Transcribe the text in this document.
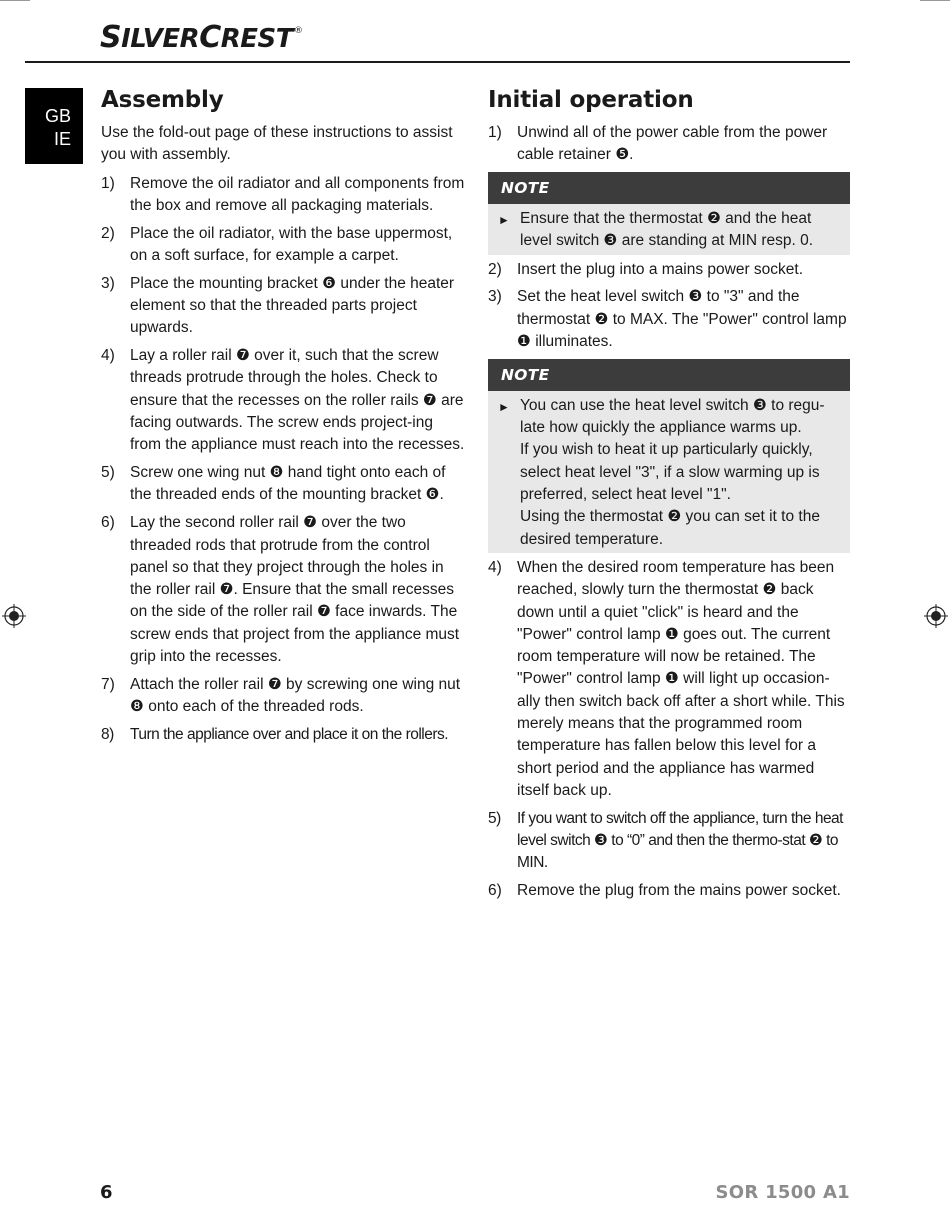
SILVERCREST®
GB
IE
Assembly

Use the fold-out page of these instructions to assist you with assembly.

1) Remove the oil radiator and all components from the box and remove all packaging materials.
2) Place the oil radiator, with the base uppermost, on a soft surface, for example a carpet.
3) Place the mounting bracket ❻ under the heater element so that the threaded parts project upwards.
4) Lay a roller rail ❼ over it, such that the screw threads protrude through the holes. Check to ensure that the recesses on the roller rails ❼ are facing outwards. The screw ends project-ing from the appliance must reach into the recesses.
5) Screw one wing nut ❽ hand tight onto each of the threaded ends of the mounting bracket ❻.
6) Lay the second roller rail ❼ over the two threaded rods that protrude from the control panel so that they project through the holes in the roller rail ❼. Ensure that the small recesses on the side of the roller rail ❼ face inwards. The screw ends that project from the appliance must grip into the recesses.
7) Attach the roller rail ❼ by screwing one wing nut ❽ onto each of the threaded rods.
8) Turn the appliance over and place it on the rollers.
Initial operation
1) Unwind all of the power cable from the power cable retainer ❺.
NOTE
► Ensure that the thermostat ❷ and the heat level switch ❸ are standing at MIN resp. 0.
2) Insert the plug into a mains power socket.
3) Set the heat level switch ❸ to "3" and the thermostat ❷ to MAX. The "Power" control lamp ❶ illuminates.
NOTE
► You can use the heat level switch ❸ to regu-late how quickly the appliance warms up.
If you wish to heat it up particularly quickly, select heat level "3", if a slow warming up is preferred, select heat level "1".
Using the thermostat ❷ you can set it to the desired temperature.
4) When the desired room temperature has been reached, slowly turn the thermostat ❷ back down until a quiet "click" is heard and the "Power" control lamp ❶ goes out. The current room temperature will now be retained. The "Power" control lamp ❶ will light up occasion-ally then switch back off after a short while. This merely means that the programmed room temperature has fallen below this level for a short period and the appliance has warmed itself back up.
5) If you want to switch off the appliance, turn the heat level switch ❸ to “0” and then the thermo-stat ❷ to MIN.
6) Remove the plug from the mains power socket.
6	SOR 1500 A1
